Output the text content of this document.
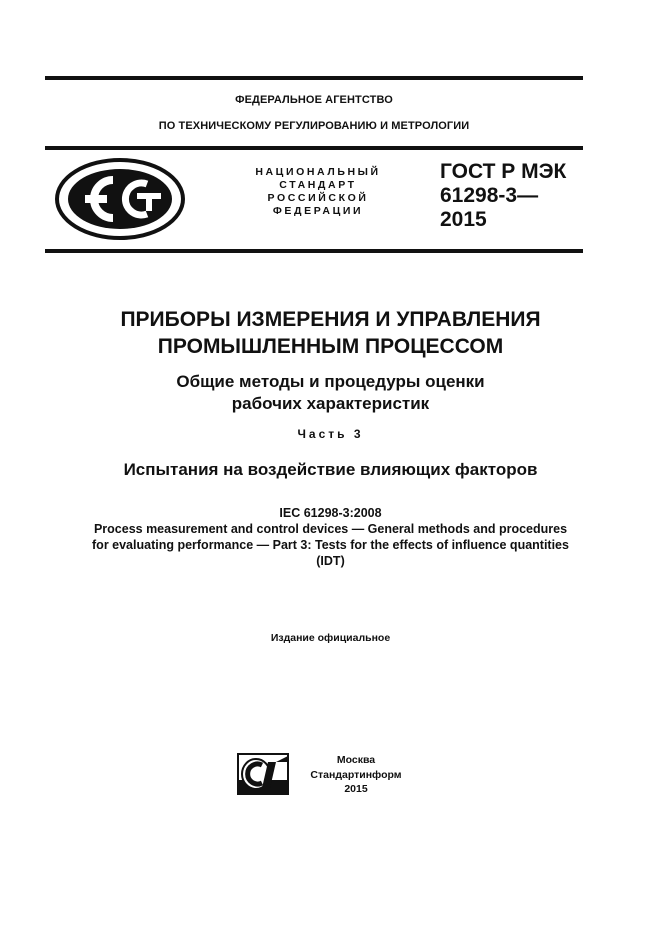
ФЕДЕРАЛЬНОЕ АГЕНТСТВО
ПО ТЕХНИЧЕСКОМУ РЕГУЛИРОВАНИЮ И МЕТРОЛОГИИ
НАЦИОНАЛЬНЫЙ
СТАНДАРТ
РОССИЙСКОЙ
ФЕДЕРАЦИИ
ГОСТ Р МЭК
61298-3—
2015
ПРИБОРЫ ИЗМЕРЕНИЯ И УПРАВЛЕНИЯ
ПРОМЫШЛЕННЫМ ПРОЦЕССОМ
Общие методы и процедуры оценки
рабочих характеристик
Часть 3
Испытания на воздействие влияющих факторов
IEC 61298-3:2008
Process measurement and control devices — General methods and procedures
for evaluating performance — Part 3: Tests for the effects of influence quantities
(IDT)
Издание официальное
Москва
Стандартинформ
2015
